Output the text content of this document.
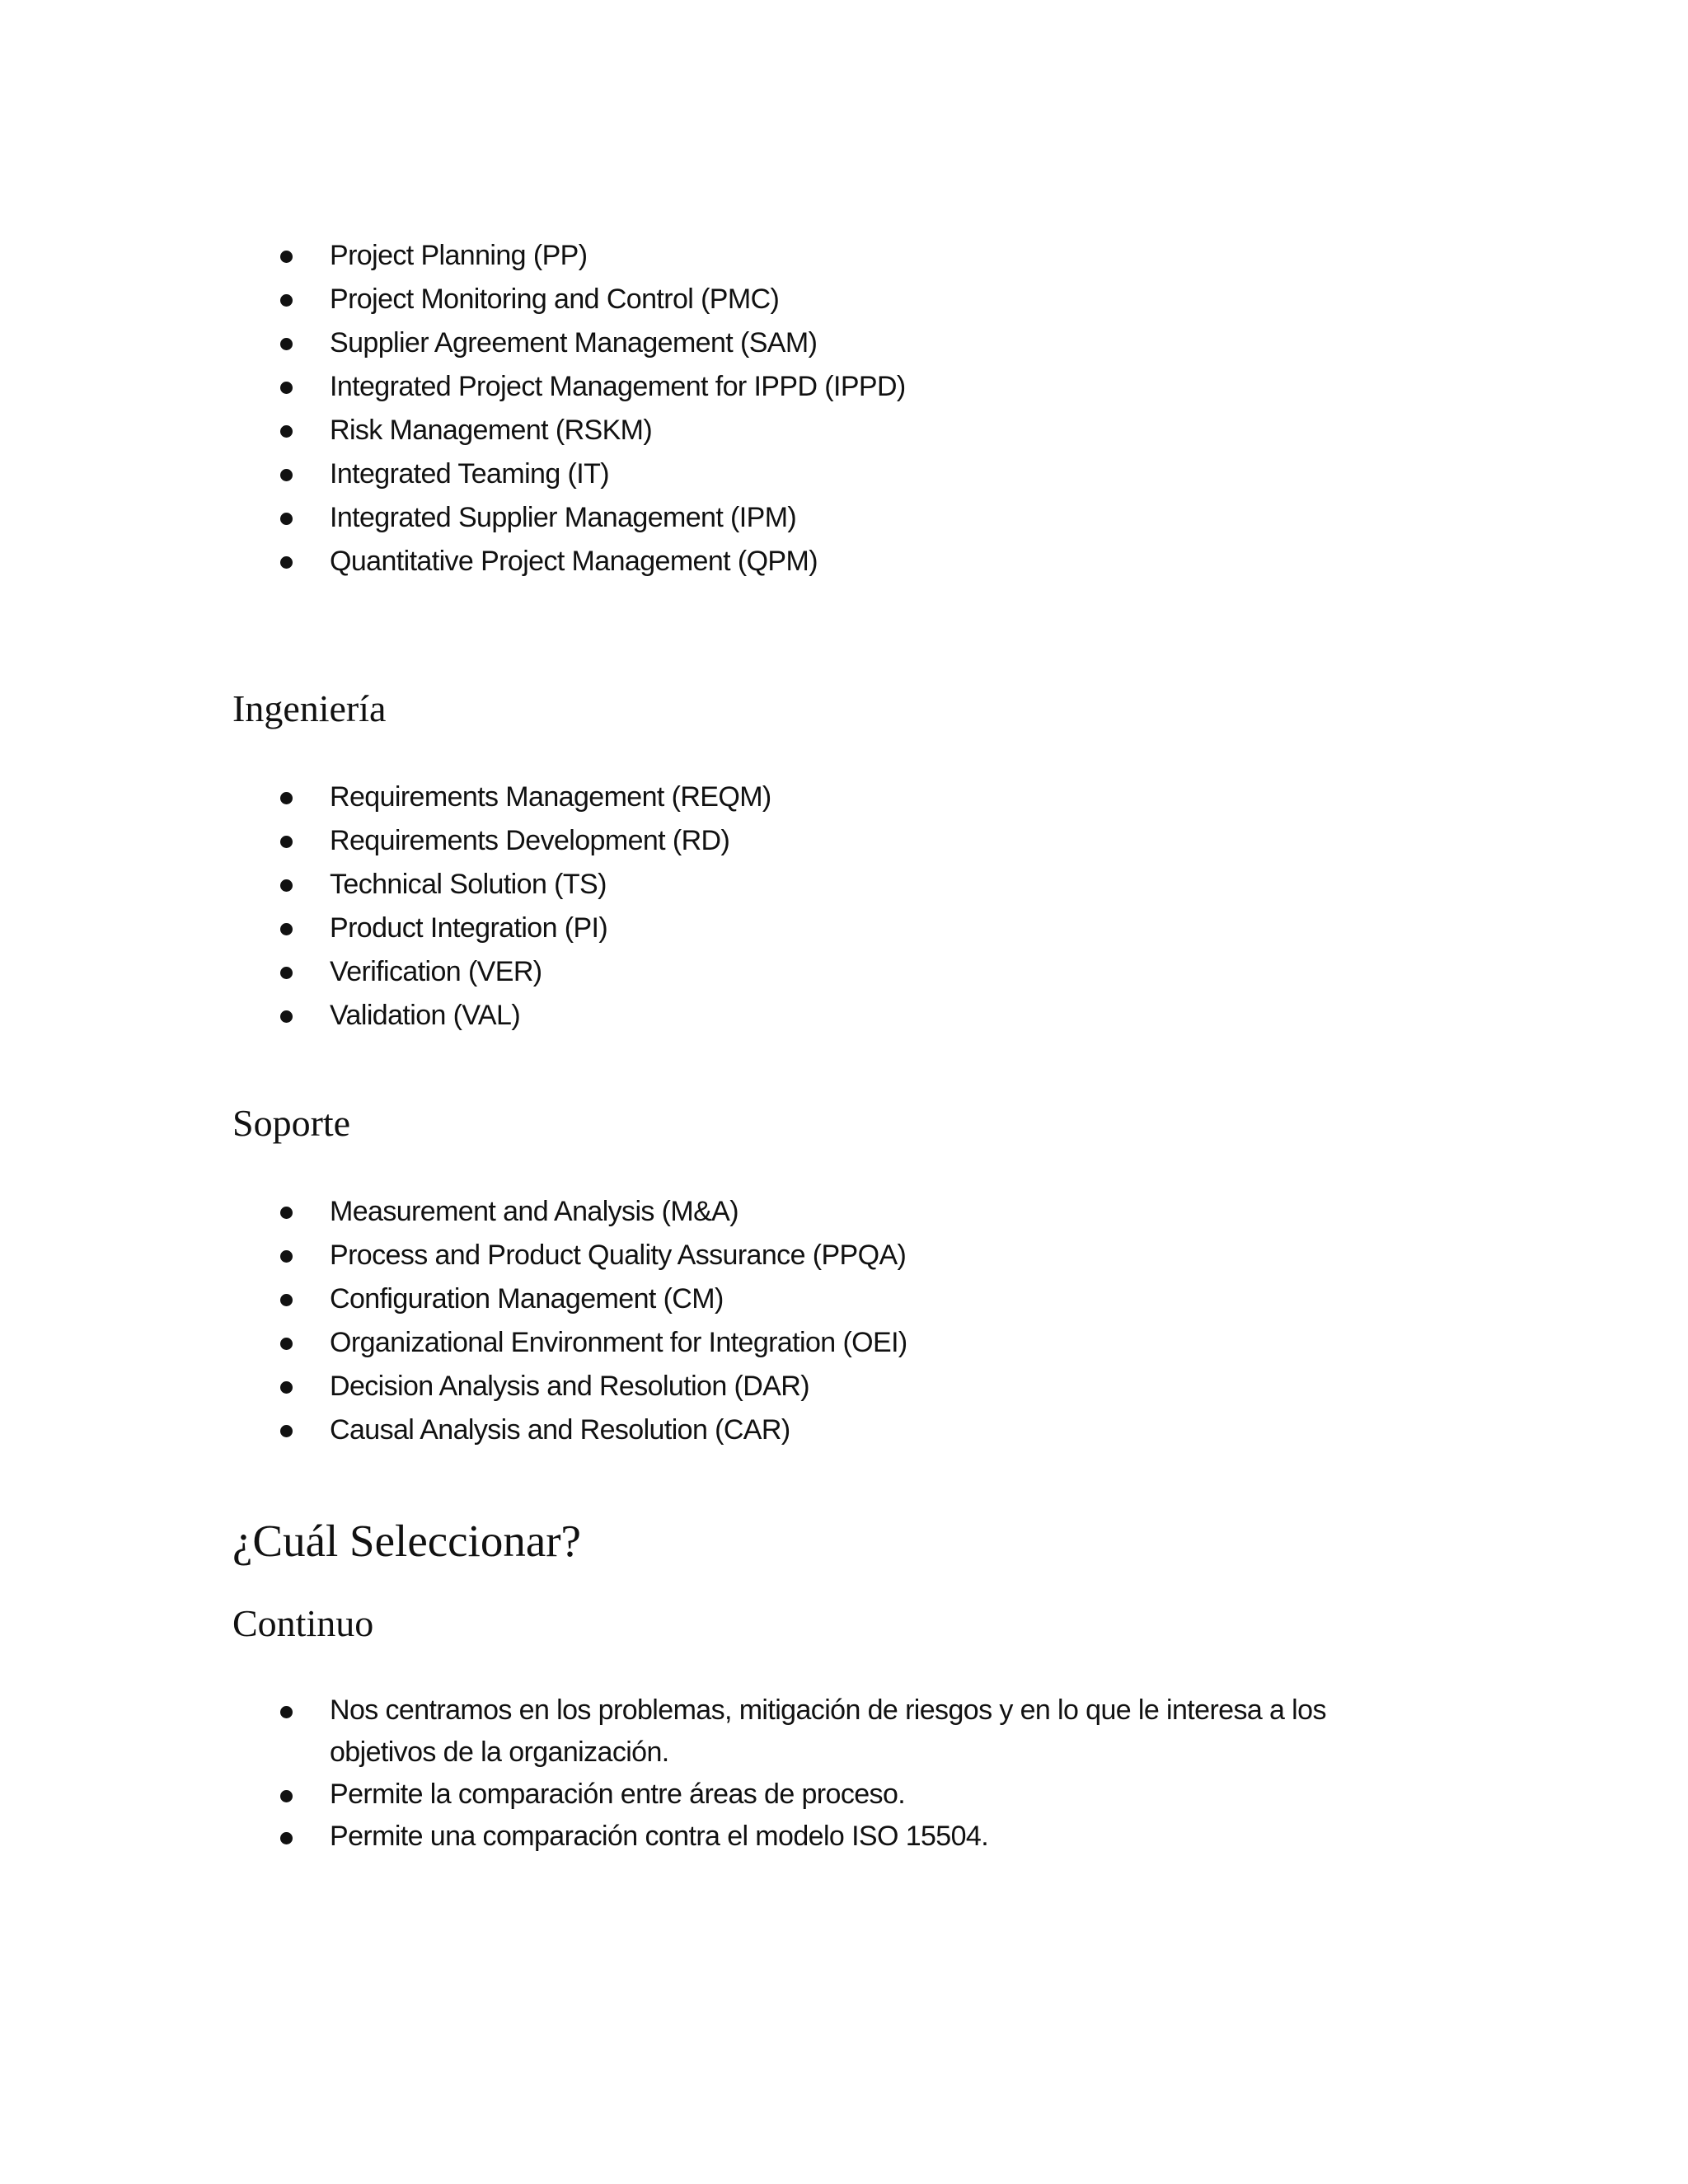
Project Planning (PP)
Project Monitoring and Control (PMC)
Supplier Agreement Management (SAM)
Integrated Project Management for IPPD (IPPD)
Risk Management (RSKM)
Integrated Teaming (IT)
Integrated Supplier Management (IPM)
Quantitative Project Management (QPM)
Ingeniería
Requirements Management (REQM)
Requirements Development (RD)
Technical Solution (TS)
Product Integration (PI)
Verification (VER)
Validation (VAL)
Soporte
Measurement and Analysis (M&A)
Process and Product Quality Assurance (PPQA)
Configuration Management (CM)
Organizational Environment for Integration (OEI)
Decision Analysis and Resolution (DAR)
Causal Analysis and Resolution (CAR)
¿Cuál Seleccionar?
Continuo
Nos centramos en los problemas, mitigación de riesgos y en lo que le interesa a los objetivos de la organización.
Permite la comparación entre áreas de proceso.
Permite una comparación contra el modelo ISO 15504.
